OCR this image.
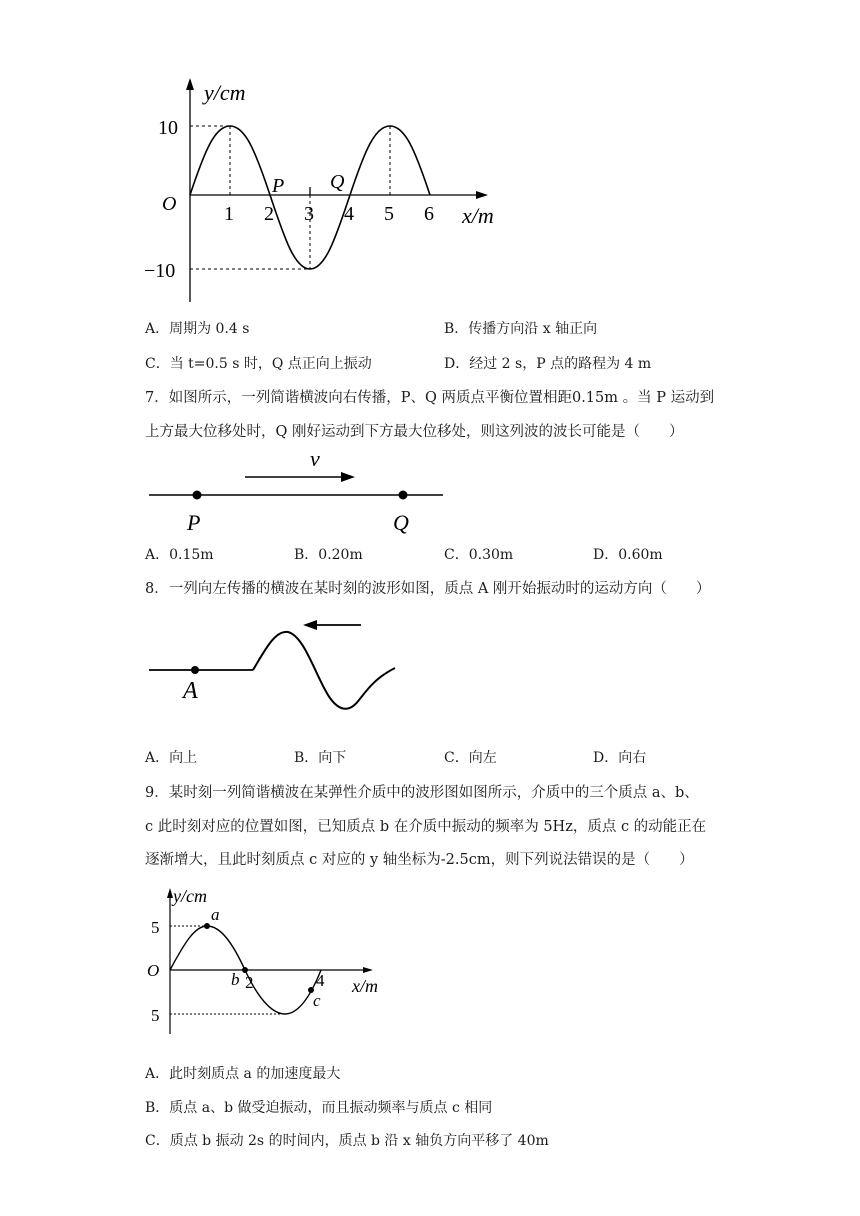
y/cm
x/m
O
10
−10
1 2 3 4 5 6
P Q
A．周期为 0.4 s	B．传播方向沿 x 轴正向
C．当 t=0.5 s 时，Q 点正向上振动	D．经过 2 s，P 点的路程为 4 m
7．如图所示，一列简谐横波向右传播，P、Q 两质点平衡位置相距0.15m 。当 P 运动到
上方最大位移处时，Q 刚好运动到下方最大位移处，则这列波的波长可能是（　　）
v
P	Q
A．0.15m	B．0.20m	C．0.30m	D．0.60m
8．一列向左传播的横波在某时刻的波形如图，质点 A 刚开始振动时的运动方向（　　）
A
A．向上	B．向下	C．向左	D．向右
9．某时刻一列简谐横波在某弹性介质中的波形图如图所示，介质中的三个质点 a、b、
c 此时刻对应的位置如图，已知质点 b 在介质中振动的频率为 5Hz，质点 c 的动能正在
逐渐增大，且此时刻质点 c 对应的 y 轴坐标为-2.5cm，则下列说法错误的是（　　）
y/cm
x/m
O
5
5
2	4
a
b
c
A．此时刻质点 a 的加速度最大
B．质点 a、b 做受迫振动，而且振动频率与质点 c 相同
C．质点 b 振动 2s 的时间内，质点 b 沿 x 轴负方向平移了 40m
